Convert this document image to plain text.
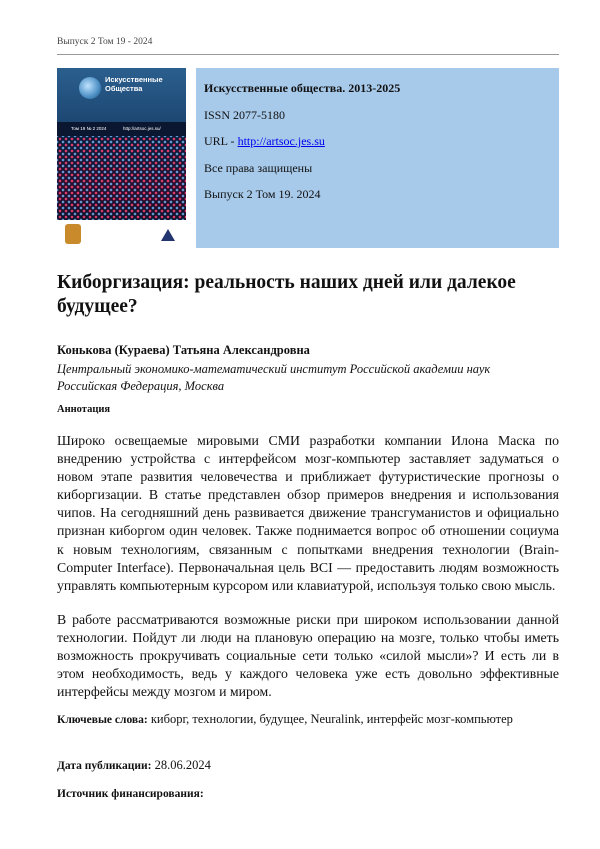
Выпуск 2 Том 19 - 2024
Искусственные
Общества
Том 19 № 2 2024	http://artsoc.jes.su/
Искусственные общества. 2013-2025
ISSN 2077-5180
URL - http://artsoc.jes.su
Все права защищены
Выпуск 2 Том 19. 2024
Киборгизация: реальность наших дней или далекое будущее?
Конькова (Кураева) Татьяна Александровна
Центральный экономико-математический институт Российской академии наук
Российская Федерация, Москва
Аннотация

Широко освещаемые мировыми СМИ разработки компании Илона Маска по внедрению устройства с интерфейсом мозг-компьютер заставляет задуматься о новом этапе развития человечества и приближает футуристические прогнозы о киборгизации. В статье представлен обзор примеров внедрения и использования чипов. На сегодняшний день развивается движение трансгуманистов и официально признан киборгом один человек. Также поднимается вопрос об отношении социума к новым технологиям, связанным с попытками внедрения технологии (Brain-Computer Interface). Первоначальная цель BCI — предоставить людям возможность управлять компьютерным курсором или клавиатурой, используя только свою мысль.

В работе рассматриваются возможные риски при широком использовании данной технологии. Пойдут ли люди на плановую операцию на мозге, только чтобы иметь возможность прокручивать социальные сети только «силой мысли»? И есть ли в этом необходимость, ведь у каждого человека уже есть довольно эффективные интерфейсы между мозгом и миром.

Ключевые слова: киборг, технологии, будущее, Neuralink, интерфейс мозг-компьютер
Дата публикации: 28.06.2024
Источник финансирования:
